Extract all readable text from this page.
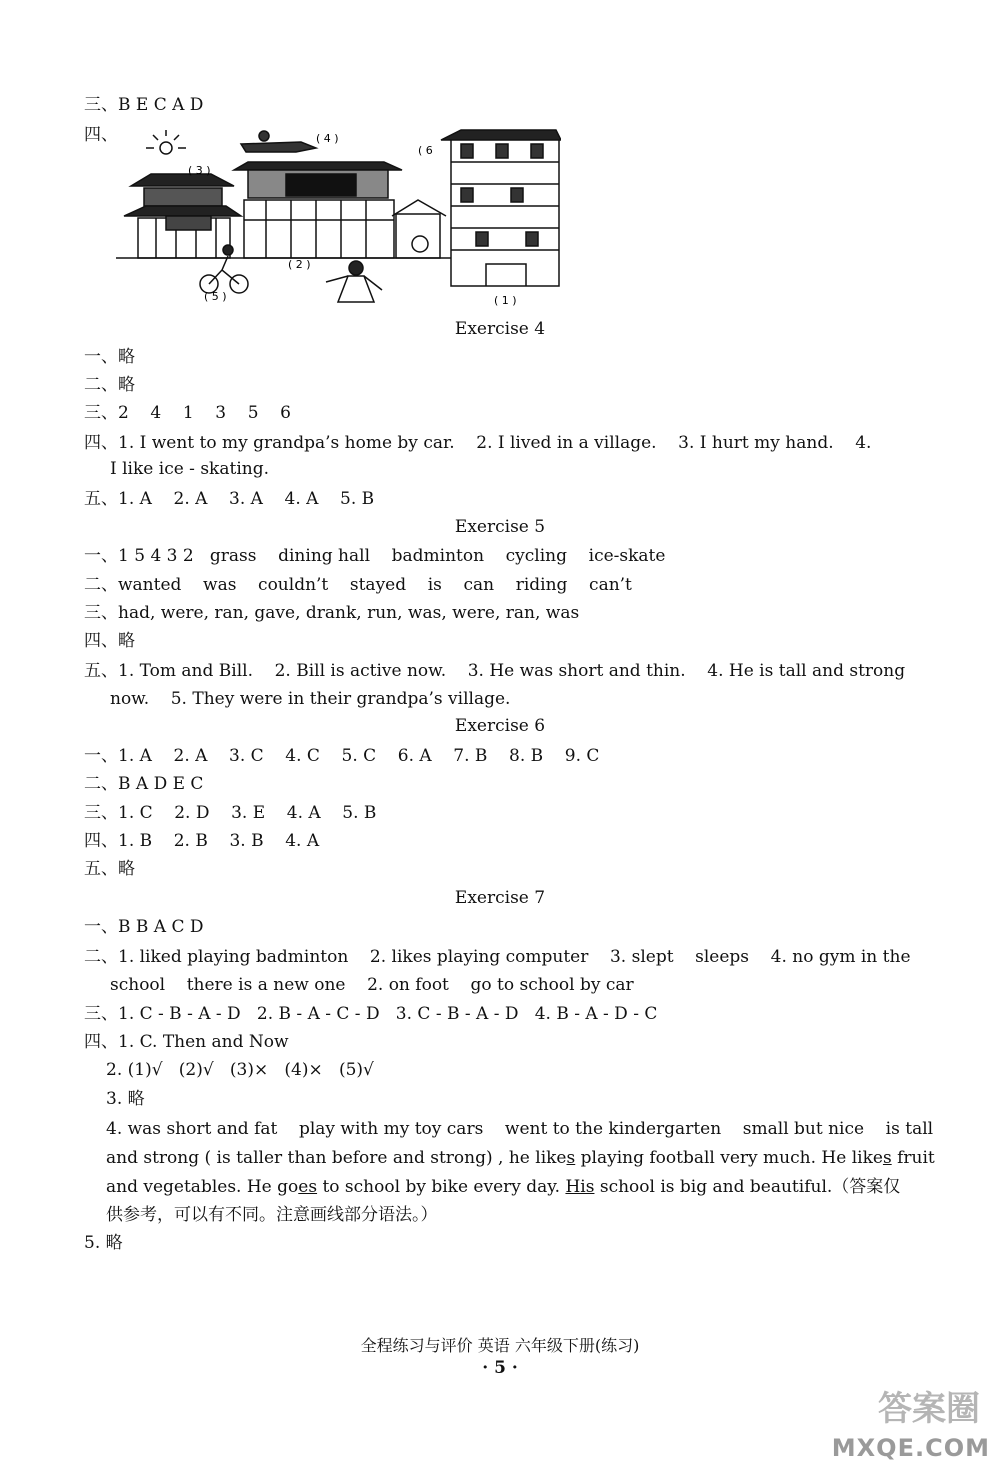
三、B E C A D
四、	( 4 )
( 3 )
( 6
( 2 )
( 5 )	( 1 )
Exercise 4
一、略
二、略
三、2    4    1    3    5    6
四、1. I went to my grandpa’s home by car.    2. I lived in a village.    3. I hurt my hand.    4.
I like ice - skating.
五、1. A    2. A    3. A    4. A    5. B
Exercise 5
一、1 5 4 3 2   grass    dining hall    badminton    cycling    ice-skate
二、wanted    was    couldn’t    stayed    is    can    riding    can’t
三、had, were, ran, gave, drank, run, was, were, ran, was
四、略
五、1. Tom and Bill.    2. Bill is active now.    3. He was short and thin.    4. He is tall and strong
now.    5. They were in their grandpa’s village.
Exercise 6
一、1. A    2. A    3. C    4. C    5. C    6. A    7. B    8. B    9. C
二、B A D E C
三、1. C    2. D    3. E    4. A    5. B
四、1. B    2. B    3. B    4. A
五、略
Exercise 7
一、B B A C D
二、1. liked playing badminton    2. likes playing computer    3. slept    sleeps    4. no gym in the
school    there is a new one    2. on foot    go to school by car
三、1. C - B - A - D   2. B - A - C - D   3. C - B - A - D   4. B - A - D - C
四、1. C. Then and Now
2. (1)√   (2)√   (3)×   (4)×   (5)√
3. 略
4. was short and fat    play with my toy cars    went to the kindergarten    small but nice    is tall
and strong ( is taller than before and strong) , he likes playing football very much. He likes fruit
and vegetables. He goes to school by bike every day. His school is big and beautiful.（答案仅
供参考，可以有不同。注意画线部分语法。）
5. 略
全程练习与评价 英语 六年级下册(练习)
· 5 ·
答案圈
MXQE.COM
